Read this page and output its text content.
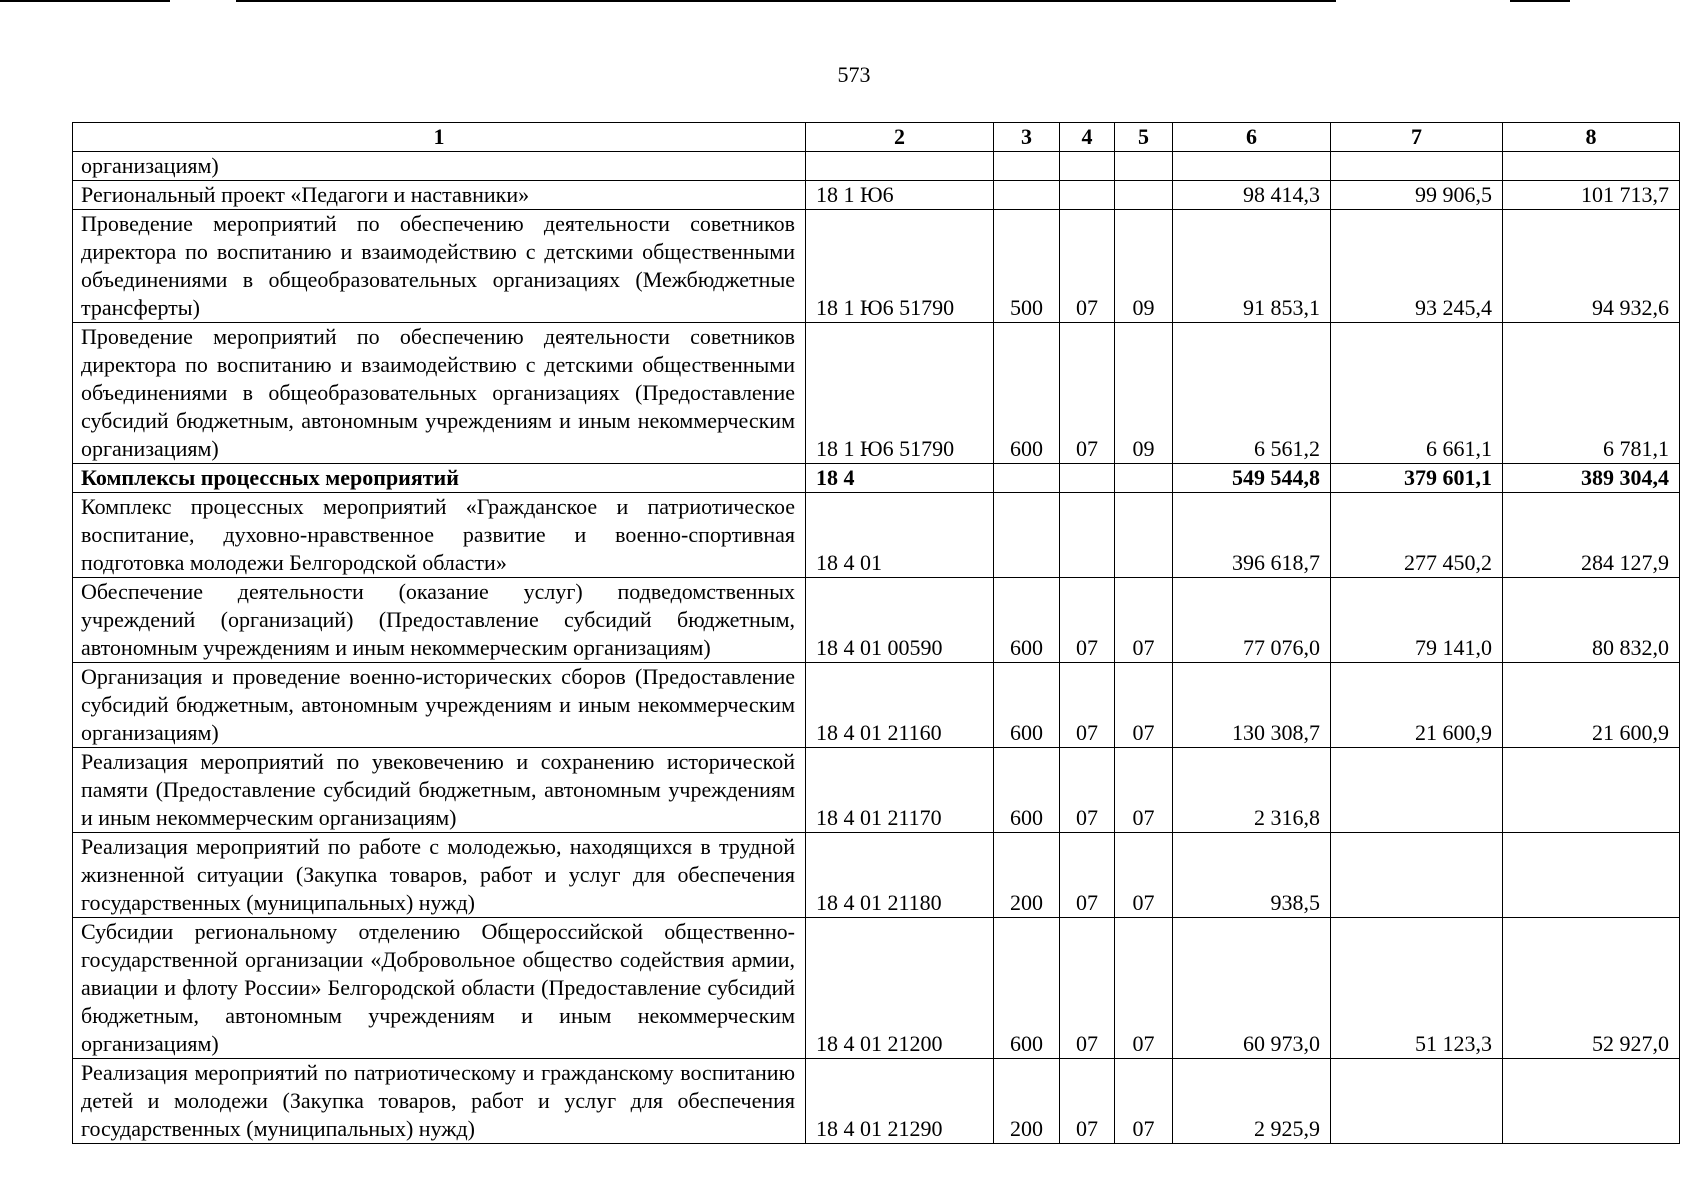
573
1	2	3	4	5	6	7	8
организациям)							
Региональный проект «Педагоги и наставники»	18 1 Ю6				98 414,3	99 906,5	101 713,7
Проведение мероприятий по обеспечению деятельности советников директора по воспитанию и взаимодействию с детскими общественными объединениями в общеобразовательных организациях (Межбюджетные трансферты)	18 1 Ю6 51790	500	07	09	91 853,1	93 245,4	94 932,6
Проведение мероприятий по обеспечению деятельности советников директора по воспитанию и взаимодействию с детскими общественными объединениями в общеобразовательных организациях (Предоставление субсидий бюджетным, автономным учреждениям и иным некоммерческим организациям)	18 1 Ю6 51790	600	07	09	6 561,2	6 661,1	6 781,1
Комплексы процессных мероприятий	18 4				549 544,8	379 601,1	389 304,4
Комплекс процессных мероприятий «Гражданское и патриотическое воспитание, духовно-нравственное развитие и военно-спортивная подготовка молодежи Белгородской области»	18 4 01				396 618,7	277 450,2	284 127,9
Обеспечение деятельности (оказание услуг) подведомственных учреждений (организаций) (Предоставление субсидий бюджетным, автономным учреждениям и иным некоммерческим организациям)	18 4 01 00590	600	07	07	77 076,0	79 141,0	80 832,0
Организация и проведение военно-исторических сборов (Предоставление субсидий бюджетным, автономным учреждениям и иным некоммерческим организациям)	18 4 01 21160	600	07	07	130 308,7	21 600,9	21 600,9
Реализация мероприятий по увековечению и сохранению исторической памяти (Предоставление субсидий бюджетным, автономным учреждениям и иным некоммерческим организациям)	18 4 01 21170	600	07	07	2 316,8		
Реализация мероприятий по работе с молодежью, находящихся в трудной жизненной ситуации (Закупка товаров, работ и услуг для обеспечения государственных (муниципальных) нужд)	18 4 01 21180	200	07	07	938,5		
Субсидии региональному отделению Общероссийской общественно-государственной организации «Добровольное общество содействия армии, авиации и флоту России» Белгородской области (Предоставление субсидий бюджетным, автономным учреждениям и иным некоммерческим организациям)	18 4 01 21200	600	07	07	60 973,0	51 123,3	52 927,0
Реализация мероприятий по патриотическому и гражданскому воспитанию детей и молодежи (Закупка товаров, работ и услуг для обеспечения государственных (муниципальных) нужд)	18 4 01 21290	200	07	07	2 925,9		
